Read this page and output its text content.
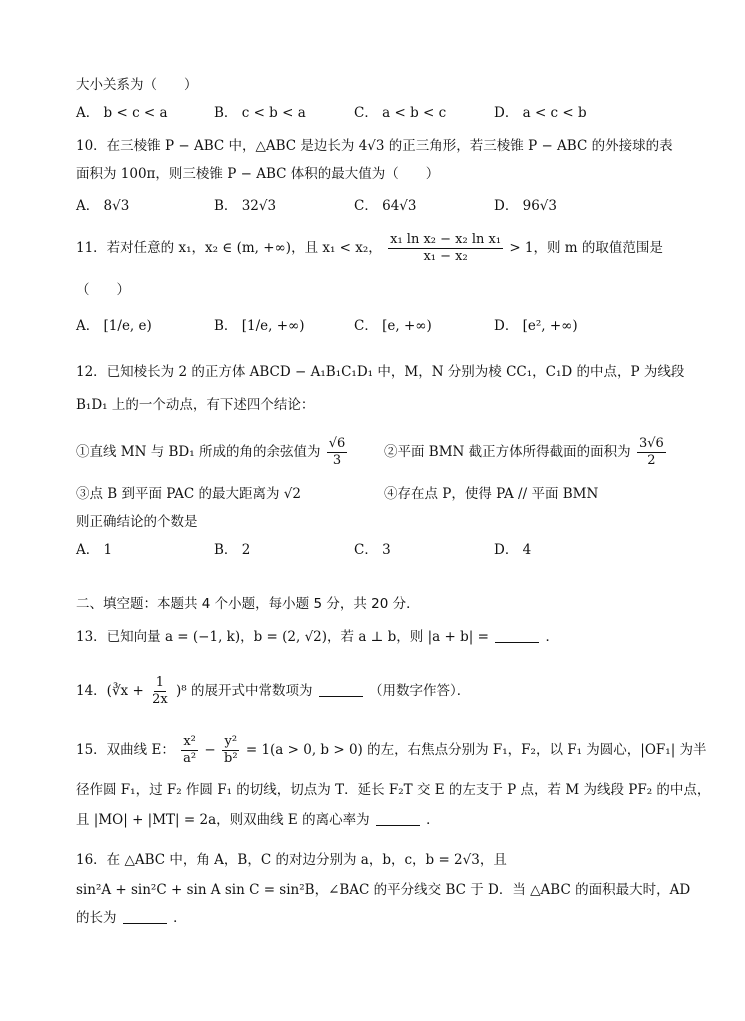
大小关系为（　　）
A． b < c < a	B． c < b < a	C． a < b < c	D． a < c < b
10．在三棱锥 P − ABC 中，△ABC 是边长为 4√3 的正三角形，若三棱锥 P − ABC 的外接球的表
面积为 100π，则三棱锥 P − ABC 体积的最大值为（　　）
A． 8√3	B． 32√3	C． 64√3	D． 96√3
11．若对任意的 x₁，x₂ ∈ (m, +∞)，且 x₁ < x₂， $\frac{\text{x₁ ln x₂ − x₂ ln x₁}}{\text{x₁ − x₂}} > 1$，则 m 的取值范围是
（　　）
A． [1/e, e)	B． [1/e, +∞)	C． [e, +∞)	D． [e², +∞)
12．已知棱长为 2 的正方体 ABCD − A₁B₁C₁D₁ 中，M，N 分别为棱 CC₁，C₁D 的中点，P 为线段
B₁D₁ 上的一个动点，有下述四个结论：
①直线 MN 与 BD₁ 所成的角的余弦值为 $\frac{√6}{3}$	②平面 BMN 截正方体所得截面的面积为 $\frac{3√6}{2}$
③点 B 到平面 PAC 的最大距离为 √2	④存在点 P，使得 PA // 平面 BMN
则正确结论的个数是
A． 1	B． 2	C． 3	D． 4
二、填空题：本题共 4 个小题，每小题 5 分，共 20 分．
13．已知向量 a = (−1, k)，b = (2, √2)，若 a ⊥ b，则 |a + b| =	．
14．(∛x + $\frac{1}{2x} )^8$ 的展开式中常数项为	（用数字作答）．
15．双曲线 E： $\frac{\text{x²}}{\text{a²}} - \frac{\text{y²}}{\text{b²}} = 1(a > 0$, b > 0) 的左，右焦点分别为 F₁，F₂，以 F₁ 为圆心，|OF₁| 为半
径作圆 F₁，过 F₂ 作圆 F₁ 的切线，切点为 T．延长 F₂T 交 E 的左支于 P 点，若 M 为线段 PF₂ 的中点，
且 |MO| + |MT| = 2a，则双曲线 E 的离心率为	．
16．在 △ABC 中，角 A，B，C 的对边分别为 a，b，c，b = 2√3，且
sin²A + sin²C + sin A sin C = sin²B，∠BAC 的平分线交 BC 于 D．当 △ABC 的面积最大时，AD
的长为	．
